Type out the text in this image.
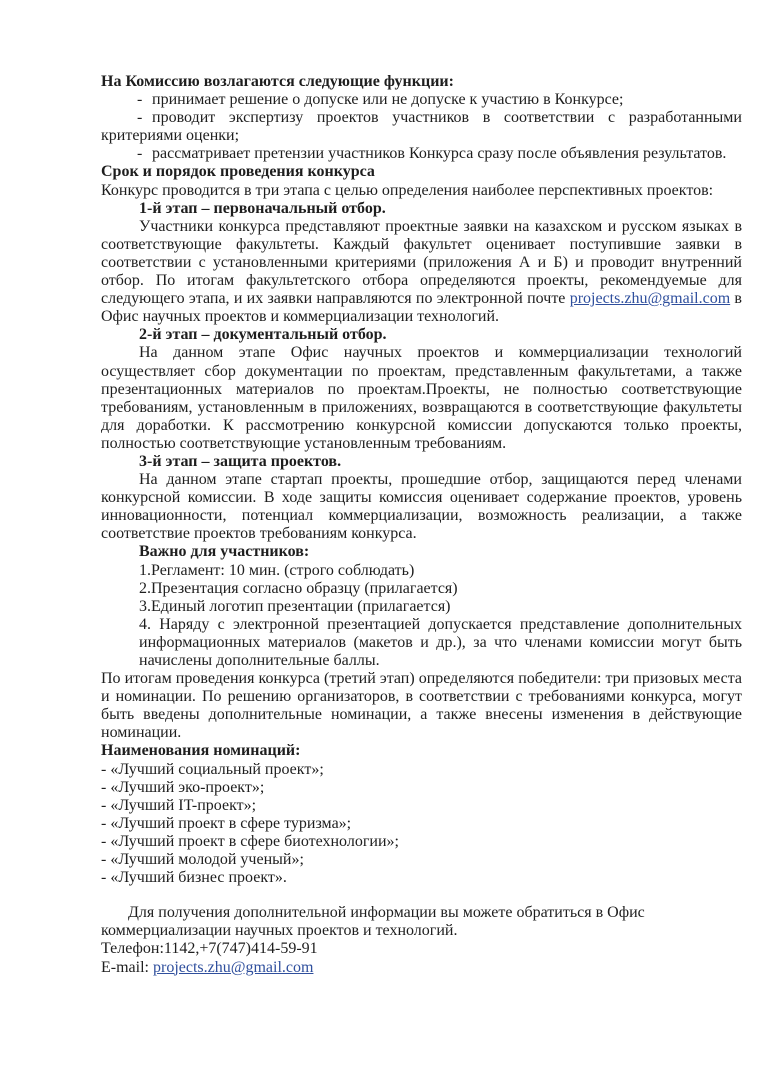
На Комиссию возлагаются следующие функции:

- принимает решение о допуске или не допуске к участию в Конкурсе;

- проводит экспертизу проектов участников в соответствии с разработанными критериями оценки;

- рассматривает претензии участников Конкурса сразу после объявления результатов.

Срок и порядок проведения конкурса

Конкурс проводится в три этапа с целью определения наиболее перспективных проектов:

1-й этап – первоначальный отбор.

Участники конкурса представляют проектные заявки на казахском и русском языках в соответствующие факультеты. Каждый факультет оценивает поступившие заявки в соответствии с установленными критериями (приложения А и Б) и проводит внутренний отбор. По итогам факультетского отбора определяются проекты, рекомендуемые для следующего этапа, и их заявки направляются по электронной почте projects.zhu@gmail.com в Офис научных проектов и коммерциализации технологий.

2-й этап – документальный отбор.

На данном этапе Офис научных проектов и коммерциализации технологий осуществляет сбор документации по проектам, представленным факультетами, а также презентационных материалов по проектам.Проекты, не полностью соответствующие требованиям, установленным в приложениях, возвращаются в соответствующие факультеты для доработки. К рассмотрению конкурсной комиссии допускаются только проекты, полностью соответствующие установленным требованиям.

3-й этап – защита проектов.

На данном этапе стартап проекты, прошедшие отбор, защищаются перед членами конкурсной комиссии. В ходе защиты комиссия оценивает содержание проектов, уровень инновационности, потенциал коммерциализации, возможность реализации, а также соответствие проектов требованиям конкурса.

Важно для участников:

1.Регламент: 10 мин. (строго соблюдать)

2.Презентация согласно образцу (прилагается)

3.Единый логотип презентации (прилагается)

4. Наряду с электронной презентацией допускается представление дополнительных информационных материалов (макетов и др.), за что членами комиссии могут быть начислены дополнительные баллы.

По итогам проведения конкурса (третий этап) определяются победители: три призовых места и номинации. По решению организаторов, в соответствии с требованиями конкурса, могут быть введены дополнительные номинации, а также внесены изменения в действующие номинации.

Наименования номинаций:

- «Лучший социальный проект»;

- «Лучший эко-проект»;

- «Лучший IT-проект»;

- «Лучший проект в сфере туризма»;

- «Лучший проект в сфере биотехнологии»;

- «Лучший молодой ученый»;

- «Лучший бизнес проект».

Для получения дополнительной информации вы можете обратиться в Офис коммерциализации научных проектов и технологий.

Телефон:1142,+7(747)414-59-91

E-mail: projects.zhu@gmail.com
